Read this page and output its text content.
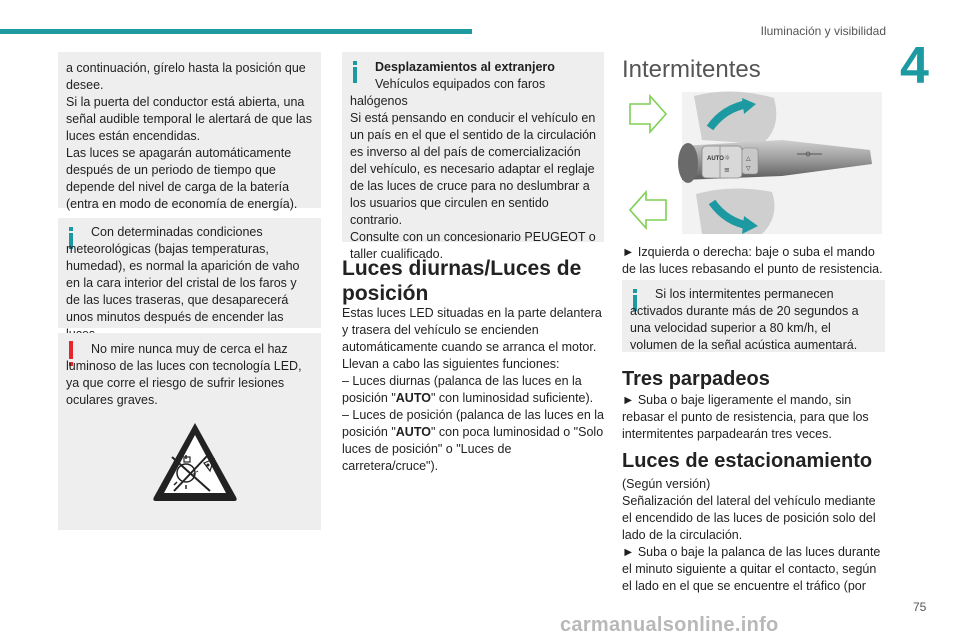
Iluminación y visibilidad
4

a continuación, gírelo hasta la posición que desee.
Si la puerta del conductor está abierta, una señal audible temporal le alertará de que las luces están encendidas.
Las luces se apagarán automáticamente después de un periodo de tiempo que depende del nivel de carga de la batería (entra en modo de economía de energía).

Con determinadas condiciones meteorológicas (bajas temperaturas, humedad), es normal la aparición de vaho en la cara interior del cristal de los faros y de las luces traseras, que desaparecerá unos minutos después de encender las

No mire nunca muy de cerca el haz luminoso de las luces con tecnología LED, ya que corre el riesgo de sufrir lesiones oculares graves.

Desplazamientos al extranjero

Vehículos equipados con faros halógenos
Si está pensando en conducir el vehículo en un país en el que el sentido de la circulación es inverso al del país de comercialización del vehículo, es necesario adaptar el reglaje de las luces de cruce para no deslumbrar a los usuarios que circulen en sentido contrario.
Consulte con un concesionario PEUGEOT o taller cualificado.

Luces diurnas/Luces de posición

Estas luces LED situadas en la parte delantera y trasera del vehículo se encienden automáticamente cuando se arranca el motor.
Llevan a cabo las siguientes funciones:

– Luces diurnas (palanca de las luces en la posición "AUTO" con luminosidad suficiente).

– Luces de posición (palanca de las luces en la posición "AUTO" con poca luminosidad o "Solo luces de posición" o "Luces de carretera/cruce").

Intermitentes
AUTO ☼
≡
△
▽

► Izquierda o derecha: baje o suba el mando de las luces rebasando el punto de resistencia.

Si los intermitentes permanecen activados durante más de 20 segundos a una velocidad superior a 80 km/h, el volumen de la señal acústica aumentará.

Tres parpadeos

► Suba o baje ligeramente el mando, sin rebasar el punto de resistencia, para que los intermitentes parpadearán tres veces.

Luces de estacionamiento

(Según versión)
Señalización del lateral del vehículo mediante el encendido de las luces de posición solo del lado de la circulación.
► Suba o baje la palanca de las luces durante el minuto siguiente a quitar el contacto, según el lado en el que se encuentre el tráfico (por

75
carmanualsonline.info
